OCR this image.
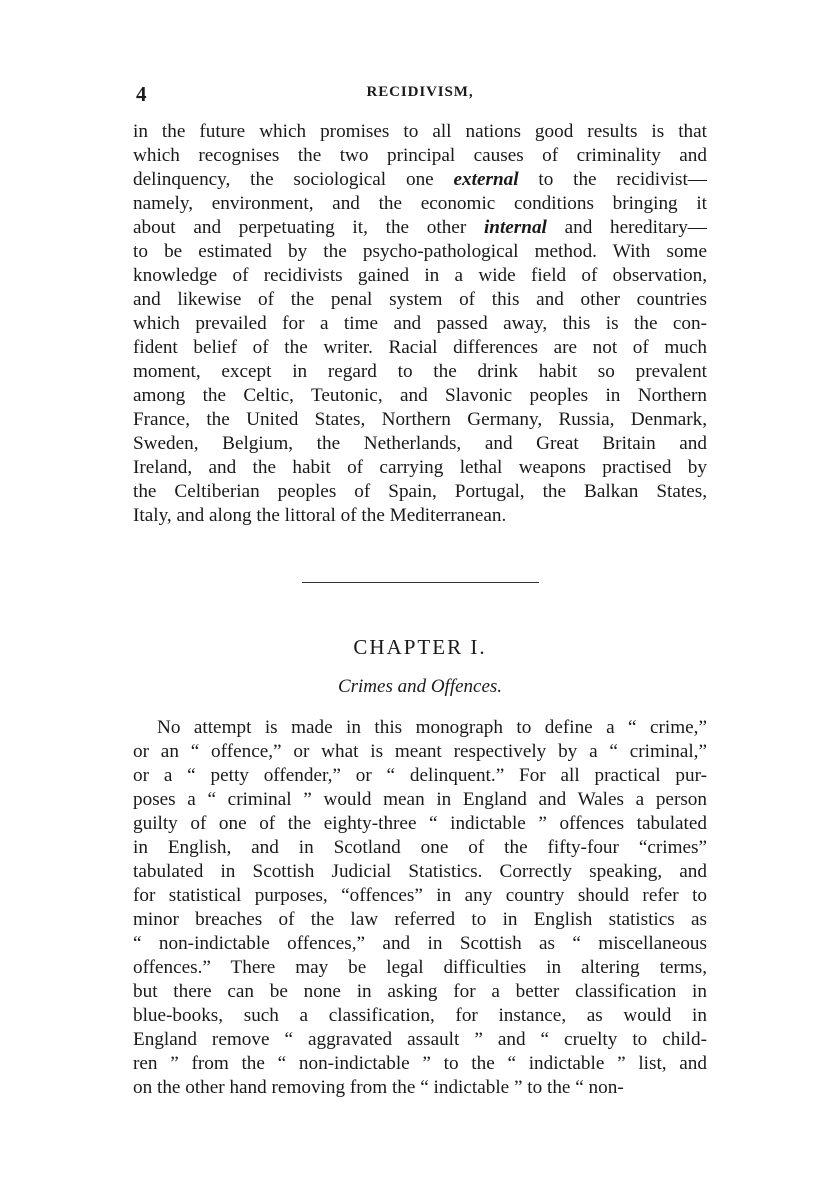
4	RECIDIVISM,
in the future which promises to all nations good results is that
which recognises the two principal causes of criminality and
delinquency, the sociological one external to the recidivist—
namely, environment, and the economic conditions bringing it
about and perpetuating it, the other internal and hereditary—
to be estimated by the psycho-pathological method. With some
knowledge of recidivists gained in a wide field of observation,
and likewise of the penal system of this and other countries
which prevailed for a time and passed away, this is the con-
fident belief of the writer. Racial differences are not of much
moment, except in regard to the drink habit so prevalent
among the Celtic, Teutonic, and Slavonic peoples in Northern
France, the United States, Northern Germany, Russia, Denmark,
Sweden, Belgium, the Netherlands, and Great Britain and
Ireland, and the habit of carrying lethal weapons practised by
the Celtiberian peoples of Spain, Portugal, the Balkan States,
Italy, and along the littoral of the Mediterranean.
CHAPTER I.
Crimes and Offences.
No attempt is made in this monograph to define a “ crime,”
or an “ offence,” or what is meant respectively by a “ criminal,”
or a “ petty offender,” or “ delinquent.” For all practical pur-
poses a “ criminal ” would mean in England and Wales a person
guilty of one of the eighty-three “ indictable ” offences tabulated
in English, and in Scotland one of the fifty-four “crimes”
tabulated in Scottish Judicial Statistics. Correctly speaking, and
for statistical purposes, “offences” in any country should refer to
minor breaches of the law referred to in English statistics as
“ non-indictable offences,” and in Scottish as “ miscellaneous
offences.” There may be legal difficulties in altering terms,
but there can be none in asking for a better classification in
blue-books, such a classification, for instance, as would in
England remove “ aggravated assault ” and “ cruelty to child-
ren ” from the “ non-indictable ” to the “ indictable ” list, and
on the other hand removing from the “ indictable ” to the “ non-
